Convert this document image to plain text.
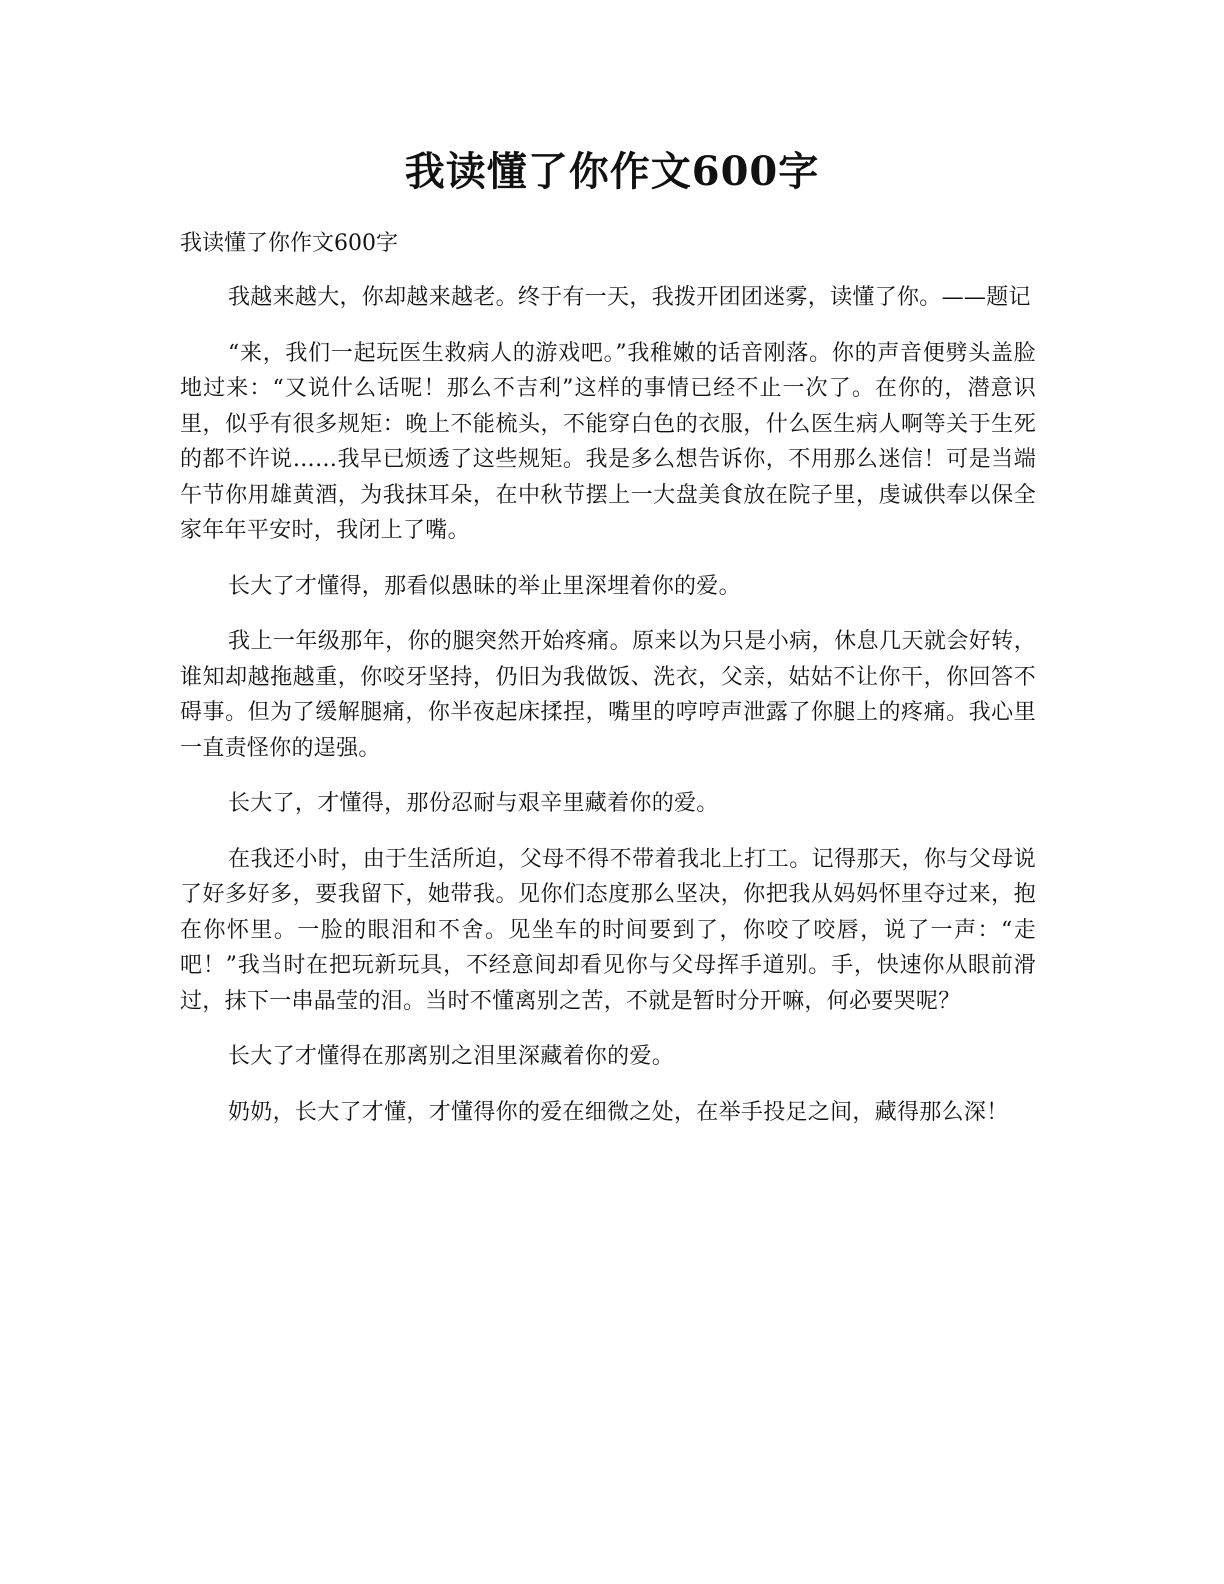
我读懂了你作文600字

我读懂了你作文600字

我越来越大，你却越来越老。终于有一天，我拨开团团迷雾，读懂了你。——题记

“来，我们一起玩医生救病人的游戏吧。”我稚嫩的话音刚落。你的声音便劈头盖脸地过来：“又说什么话呢！那么不吉利”这样的事情已经不止一次了。在你的，潜意识里，似乎有很多规矩：晚上不能梳头，不能穿白色的衣服，什么医生病人啊等关于生死的都不许说……我早已烦透了这些规矩。我是多么想告诉你，不用那么迷信！可是当端午节你用雄黄酒，为我抹耳朵，在中秋节摆上一大盘美食放在院子里，虔诚供奉以保全家年年平安时，我闭上了嘴。

长大了才懂得，那看似愚昧的举止里深埋着你的爱。

我上一年级那年，你的腿突然开始疼痛。原来以为只是小病，休息几天就会好转，谁知却越拖越重，你咬牙坚持，仍旧为我做饭、洗衣，父亲，姑姑不让你干，你回答不碍事。但为了缓解腿痛，你半夜起床揉捏，嘴里的哼哼声泄露了你腿上的疼痛。我心里一直责怪你的逞强。

长大了，才懂得，那份忍耐与艰辛里藏着你的爱。

在我还小时，由于生活所迫，父母不得不带着我北上打工。记得那天，你与父母说了好多好多，要我留下，她带我。见你们态度那么坚决，你把我从妈妈怀里夺过来，抱在你怀里。一脸的眼泪和不舍。见坐车的时间要到了，你咬了咬唇，说了一声：“走吧！”我当时在把玩新玩具，不经意间却看见你与父母挥手道别。手，快速你从眼前滑过，抹下一串晶莹的泪。当时不懂离别之苦，不就是暂时分开嘛，何必要哭呢？

长大了才懂得在那离别之泪里深藏着你的爱。

奶奶，长大了才懂，才懂得你的爱在细微之处，在举手投足之间，藏得那么深！
